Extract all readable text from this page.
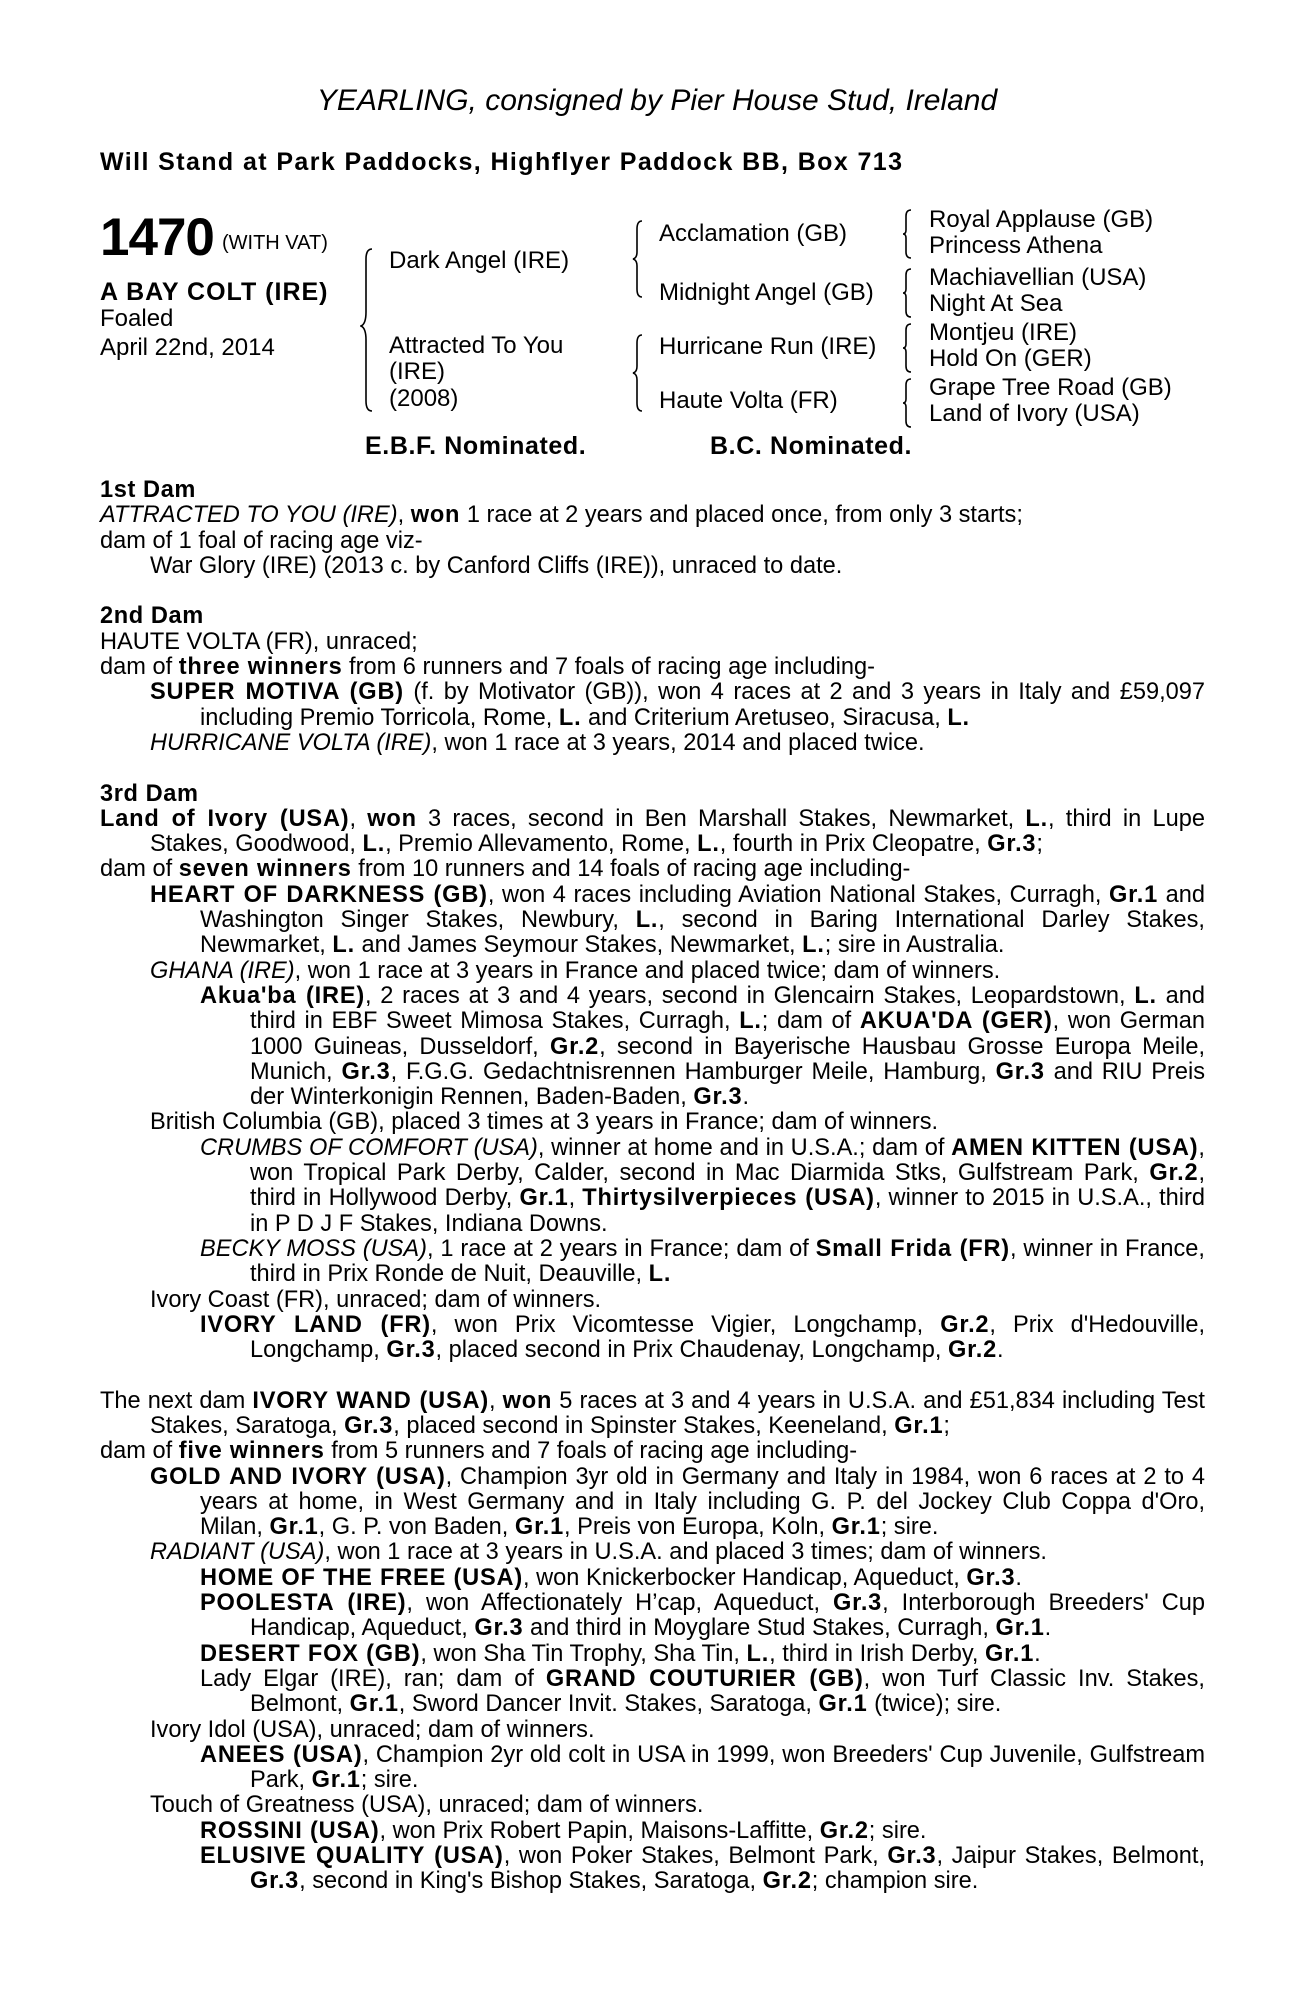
YEARLING, consigned by Pier House Stud, Ireland
Will Stand at Park Paddocks, Highflyer Paddock BB, Box 713
1470 (WITH VAT)
A BAY COLT (IRE)
Foaled
April 22nd, 2014
Dark Angel (IRE)
Attracted To You
(IRE)
(2008)
Acclamation (GB)
Midnight Angel (GB)
Hurricane Run (IRE)
Haute Volta (FR)
Royal Applause (GB)
Princess Athena
Machiavellian (USA)
Night At Sea
Montjeu (IRE)
Hold On (GER)
Grape Tree Road (GB)
Land of Ivory (USA)
E.B.F. Nominated.	B.C. Nominated.

1st Dam

ATTRACTED TO YOU (IRE), won 1 race at 2 years and placed once, from only 3 starts;

dam of 1 foal of racing age viz-

War Glory (IRE) (2013 c. by Canford Cliffs (IRE)), unraced to date.

2nd Dam

HAUTE VOLTA (FR), unraced;

dam of three winners from 6 runners and 7 foals of racing age including-

SUPER MOTIVA (GB) (f. by Motivator (GB)), won 4 races at 2 and 3 years in Italy and £59,097 including Premio Torricola, Rome, L. and Criterium Aretuseo, Siracusa, L.

HURRICANE VOLTA (IRE), won 1 race at 3 years, 2014 and placed twice.

3rd Dam

Land of Ivory (USA), won 3 races, second in Ben Marshall Stakes, Newmarket, L., third in Lupe Stakes, Goodwood, L., Premio Allevamento, Rome, L., fourth in Prix Cleopatre, Gr.3;

dam of seven winners from 10 runners and 14 foals of racing age including-

HEART OF DARKNESS (GB), won 4 races including Aviation National Stakes, Curragh, Gr.1 and Washington Singer Stakes, Newbury, L., second in Baring International Darley Stakes, Newmarket, L. and James Seymour Stakes, Newmarket, L.; sire in Australia.

GHANA (IRE), won 1 race at 3 years in France and placed twice; dam of winners.

Akua'ba (IRE), 2 races at 3 and 4 years, second in Glencairn Stakes, Leopardstown, L. and third in EBF Sweet Mimosa Stakes, Curragh, L.; dam of AKUA'DA (GER), won German 1000 Guineas, Dusseldorf, Gr.2, second in Bayerische Hausbau Grosse Europa Meile, Munich, Gr.3, F.G.G. Gedachtnisrennen Hamburger Meile, Hamburg, Gr.3 and RIU Preis der Winterkonigin Rennen, Baden-Baden, Gr.3.

British Columbia (GB), placed 3 times at 3 years in France; dam of winners.

CRUMBS OF COMFORT (USA), winner at home and in U.S.A.; dam of AMEN KITTEN (USA), won Tropical Park Derby, Calder, second in Mac Diarmida Stks, Gulfstream Park, Gr.2, third in Hollywood Derby, Gr.1, Thirtysilverpieces (USA), winner to 2015 in U.S.A., third in P D J F Stakes, Indiana Downs.

BECKY MOSS (USA), 1 race at 2 years in France; dam of Small Frida (FR), winner in France, third in Prix Ronde de Nuit, Deauville, L.

Ivory Coast (FR), unraced; dam of winners.

IVORY LAND (FR), won Prix Vicomtesse Vigier, Longchamp, Gr.2, Prix d'Hedouville, Longchamp, Gr.3, placed second in Prix Chaudenay, Longchamp, Gr.2.

The next dam IVORY WAND (USA), won 5 races at 3 and 4 years in U.S.A. and £51,834 including Test Stakes, Saratoga, Gr.3, placed second in Spinster Stakes, Keeneland, Gr.1;

dam of five winners from 5 runners and 7 foals of racing age including-

GOLD AND IVORY (USA), Champion 3yr old in Germany and Italy in 1984, won 6 races at 2 to 4 years at home, in West Germany and in Italy including G. P. del Jockey Club Coppa d'Oro, Milan, Gr.1, G. P. von Baden, Gr.1, Preis von Europa, Koln, Gr.1; sire.

RADIANT (USA), won 1 race at 3 years in U.S.A. and placed 3 times; dam of winners.

HOME OF THE FREE (USA), won Knickerbocker Handicap, Aqueduct, Gr.3.

POOLESTA (IRE), won Affectionately H’cap, Aqueduct, Gr.3, Interborough Breeders' Cup Handicap, Aqueduct, Gr.3 and third in Moyglare Stud Stakes, Curragh, Gr.1.

DESERT FOX (GB), won Sha Tin Trophy, Sha Tin, L., third in Irish Derby, Gr.1.

Lady Elgar (IRE), ran; dam of GRAND COUTURIER (GB), won Turf Classic Inv. Stakes, Belmont, Gr.1, Sword Dancer Invit. Stakes, Saratoga, Gr.1 (twice); sire.

Ivory Idol (USA), unraced; dam of winners.

ANEES (USA), Champion 2yr old colt in USA in 1999, won Breeders' Cup Juvenile, Gulfstream Park, Gr.1; sire.

Touch of Greatness (USA), unraced; dam of winners.

ROSSINI (USA), won Prix Robert Papin, Maisons-Laffitte, Gr.2; sire.

ELUSIVE QUALITY (USA), won Poker Stakes, Belmont Park, Gr.3, Jaipur Stakes, Belmont, Gr.3, second in King's Bishop Stakes, Saratoga, Gr.2; champion sire.
